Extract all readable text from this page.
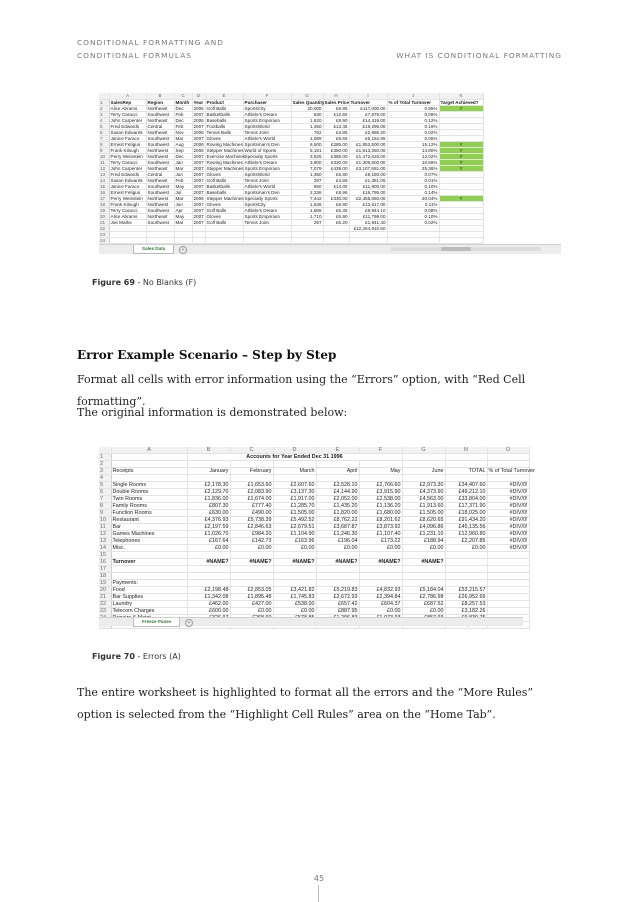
CONDITIONAL FORMATTING AND
CONDITIONAL FORMULAS	WHAT IS CONDITIONAL FORMATTING
	A	B	C	D	E	F	G	H	I	J	K
1	SalesRep	Region	Month	Year	Product	Purchaser	Sales Quantity	Sales Price	Turnover	% of Total Turnover	Target Achieved?
2	Alice Abrams	Northeast	Dec	2006	Golf Balls	SportsCity	20,000	£5.85	£117,000.00	0.95%	Y
3	Terry Caracci	Southwest	Feb	2007	Basketballs	Athlete's Dream	630	£12.50	£7,875.00	0.06%	
4	John Carpenter	Northeast	Dec	2006	Baseballs	Sports Emporium	1,620	£8.90	£14,418.00	0.12%	
5	Fred Edwards	Central	Feb	2007	Footballs	SportsWorld	1,450	£13.45	£19,296.00	0.16%	
6	Susan Edwards	Northeast	Nov	2006	Tennis Balls	Tennis Joint	752	£3.85	£2,895.20	0.02%	
7	Janice Faraco	Southwest	Mar	2007	Gloves	Athlete's World	1,089	£6.65	£6,152.85	0.05%	
8	Ernest Fetigus	Southwest	Aug	2006	Rowing Machines	Sportsman's Den	6,500	£285.00	£1,852,500.00	15.12%	Y
9	Frank Kilough	Northwest	Sep	2006	Stepper Machines	World of Sports	5,181	£350.00	£1,813,350.00	14.80%	Y
10	Perry Weinstein	Northwest	Dec	2007	Exercise Machines	Specialty Sports	3,825	£385.00	£1,472,625.00	12.02%	Y
11	Terry Caracci	Southwest	Jan	2007	Rowing Machines	Athlete's Dream	3,900	£330.00	£1,306,800.00	10.66%	Y
12	John Carpenter	Northeast	Mar	2007	Stepper Machines	Sports Emporium	7,079	£439.00	£3,107,681.00	25.36%	Y
13	Fred Edwards	Central	Jun	2007	Gloves	SportsWorld	1,350	£6.80	£9,180.00	0.07%	
14	Susan Edwards	Northeast	Feb	2007	Golf Balls	Tennis Joint	297	£4.65	£1,381.05	0.01%	
15	Janice Faraco	Southwest	May	2007	Basketballs	Athlete's World	850	£14.00	£11,900.00	0.10%	
16	Ernest Fetigus	Southwest	Jul	2007	Baseballs	Sportsman's Den	2,336	£8.96	£16,795.00	0.14%	
17	Perry Weinstein	Northwest	Mar	2006	Stepper Machines	Specialty Sports	7,442	£330.00	£2,455,860.00	20.04%	Y
18	Frank Kilough	Northwest	Jun	2007	Gloves	SportsCity	1,536	£8.90	£13,617.00	0.11%	
19	Terry Caracci	Southwest	Apr	2007	Golf Balls	Athlete's Dream	1,566	£6.35	£9,944.10	0.08%	
20	Alice Abrams	Northeast	May	2007	Gloves	Sports Emporium	1,710	£6.90	£11,799.00	0.10%	
21	Joe Marks	Southwest	Mar	2007	Golf Balls	Tennis Joint	297	£6.20	£1,841.40	0.02%	
22									£12,254,910.60		
23											
24											
Sales Data	+
Figure 69 - No Blanks (F)
Error Example Scenario – Step by Step
Format all cells with error information using the “Errors” option, with “Red Cell formatting”.
The original information is demonstrated below:
	A	B	C	D	E	F	G	N	O
1		Accounts for Year Ended Dec 31 1996							
2									
3	Receipts	January	February	March	April	May	June	TOTAL	% of Total Turnover
4									
5	Single Rooms	£2,178.30	£1,653.60	£2,607.60	£2,528.10	£2,766.60	£2,973.30	£34,407.60	#DIV/0!
6	Double Rooms	£2,129.70	£2,083.90	£3,137.30	£4,144.90	£3,915.90	£4,373.90	£49,212.10	#DIV/0!
7	Twin Rooms	£1,836.00	£1,674.00	£1,917.00	£2,052.00	£2,538.00	£4,563.00	£33,804.00	#DIV/0!
8	Family Rooms	£807.30	£777.40	£1,285.70	£1,435.20	£1,136.20	£1,913.60	£17,371.90	#DIV/0!
9	Function Rooms	£630.00	£490.00	£1,505.00	£1,820.00	£1,680.00	£1,505.00	£18,025.00	#DIV/0!
10	Restaurant	£4,376.93	£5,738.39	£5,492.52	£8,762.22	£8,201.62	£8,620.65	£91,434.20	#DIV/0!
11	Bar	£2,197.59	£2,846.63	£2,679.51	£3,687.87	£3,873.92	£4,096.86	£45,135.56	#DIV/0!
12	Games Machines	£1,026.70	£984.20	£1,104.90	£1,246.30	£1,107.40	£1,231.10	£12,960.80	#DIV/0!
13	Telephones	£167.64	£142.73	£163.96	£196.04	£173.22	£188.94	£2,207.85	#DIV/0!
14	Misc.	£0.00	£0.00	£0.00	£0.00	£0.00	£0.00	£0.00	#DIV/0!
15									
16	Turnover	#NAME?	#NAME?	#NAME?	#NAME?	#NAME?	#NAME?		
17									
18									
19	Payments:								
20	Food	£2,198.48	£2,853.05	£3,421.82	£5,219.83	£4,832.93	£5,184.04	£53,215.57	
21	Bar Supplies	£1,342.08	£1,895.48	£1,745.83	£2,672.93	£2,394.84	£2,786.98	£26,952.66	
22	Laundry	£462.00	£427.00	£538.00	£657.42	£604.37	£687.52	£8,257.53	
23	Telecom Charges	£600.00	£0.00	£0.00	£887.95	£0.00	£0.00	£3,182.26	

Freeze Panes	+
Figure 70 - Errors (A)
The entire worksheet is highlighted to format all the errors and the “More Rules” option is selected from the “Highlight Cell Rules” area on the “Home Tab”.
45
